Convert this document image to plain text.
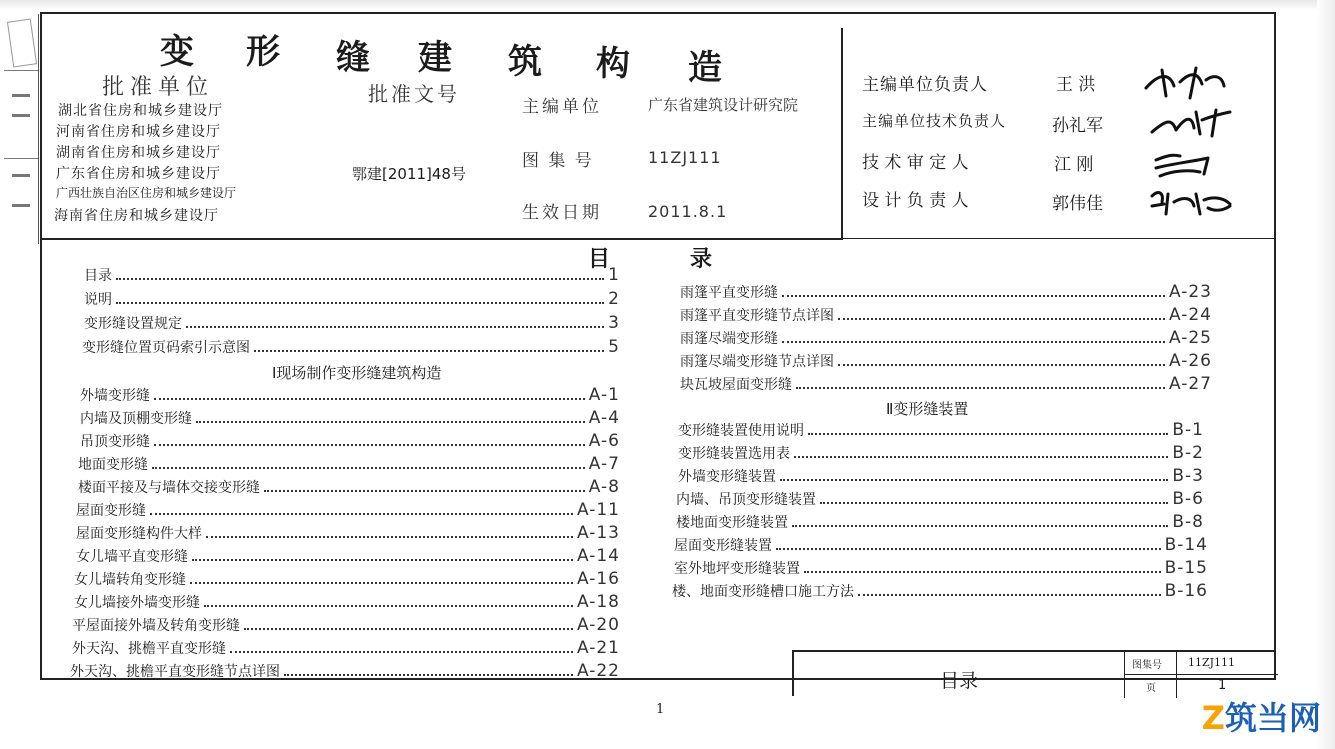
变 形 缝 建 筑 构 造
批准单位	批准文号
湖北省住房和城乡建设厅
河南省住房和城乡建设厅
湖南省住房和城乡建设厅
广东省住房和城乡建设厅
广西壮族自治区住房和城乡建设厅
海南省住房和城乡建设厅
鄂建[2011]48号
主编单位	广东省建筑设计研究院
图 集 号	11ZJ111
生效日期	2011.8.1
主编单位负责人	王 洪
主编单位技术负责人	孙礼军
技 术 审 定 人	江 刚
设 计 负 责 人	郭伟佳
目	录
目录	1
说明	2
变形缝设置规定	3
变形缝位置页码索引示意图	5
Ⅰ现场制作变形缝建筑构造
外墙变形缝	A-1
内墙及顶棚变形缝	A-4
吊顶变形缝	A-6
地面变形缝	A-7
楼面平接及与墙体交接变形缝	A-8
屋面变形缝	A-11
屋面变形缝构件大样	A-13
女儿墙平直变形缝	A-14
女儿墙转角变形缝	A-16
女儿墙接外墙变形缝	A-18
平屋面接外墙及转角变形缝	A-20
外天沟、挑檐平直变形缝	A-21
外天沟、挑檐平直变形缝节点详图	A-22
雨篷平直变形缝	A-23
雨篷平直变形缝节点详图	A-24
雨篷尽端变形缝	A-25
雨篷尽端变形缝节点详图	A-26
块瓦坡屋面变形缝	A-27
Ⅱ变形缝装置
变形缝装置使用说明	B-1
变形缝装置选用表	B-2
外墙变形缝装置	B-3
内墙、吊顶变形缝装置	B-6
楼地面变形缝装置	B-8
屋面变形缝装置	B-14
室外地坪变形缝装置	B-15
楼、地面变形缝槽口施工方法	B-16
目录
图集号 11ZJ111
页	1
1	Z筑当网
